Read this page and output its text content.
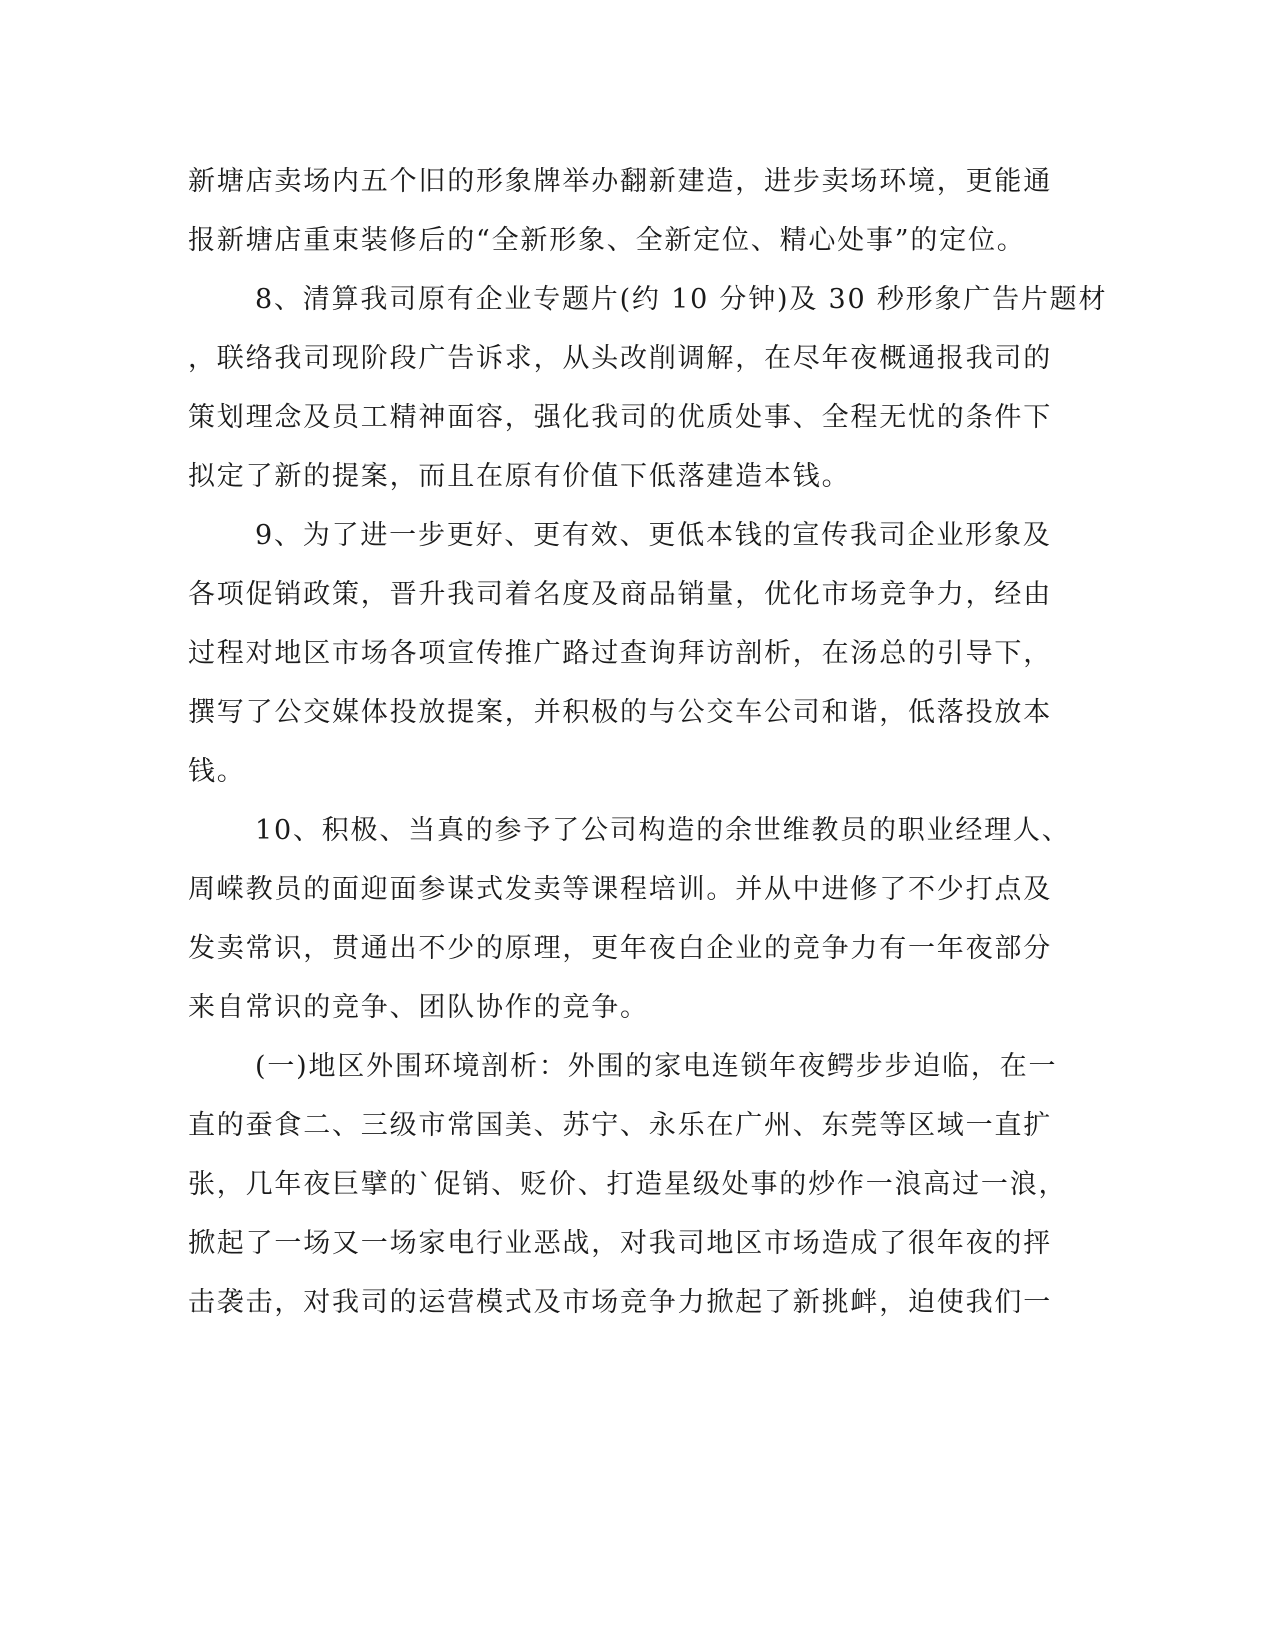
新塘店卖场内五个旧的形象牌举办翻新建造，进步卖场环境，更能通

报新塘店重束装修后的“全新形象、全新定位、精心处事”的定位。

8、清算我司原有企业专题片(约 10 分钟)及 30 秒形象广告片题材

，联络我司现阶段广告诉求，从头改削调解，在尽年夜概通报我司的

策划理念及员工精神面容，强化我司的优质处事、全程无忧的条件下

拟定了新的提案，而且在原有价值下低落建造本钱。

9、为了进一步更好、更有效、更低本钱的宣传我司企业形象及

各项促销政策，晋升我司着名度及商品销量，优化市场竞争力，经由

过程对地区市场各项宣传推广路过查询拜访剖析，在汤总的引导下，

撰写了公交媒体投放提案，并积极的与公交车公司和谐，低落投放本

钱。

10、积极、当真的参予了公司构造的余世维教员的职业经理人、

周嵘教员的面迎面参谋式发卖等课程培训。并从中进修了不少打点及

发卖常识，贯通出不少的原理，更年夜白企业的竞争力有一年夜部分

来自常识的竞争、团队协作的竞争。

(一)地区外围环境剖析：外围的家电连锁年夜鳄步步迫临，在一

直的蚕食二、三级市常国美、苏宁、永乐在广州、东莞等区域一直扩

张，几年夜巨擘的`促销、贬价、打造星级处事的炒作一浪高过一浪，

掀起了一场又一场家电行业恶战，对我司地区市场造成了很年夜的抨

击袭击，对我司的运营模式及市场竞争力掀起了新挑衅，迫使我们一
